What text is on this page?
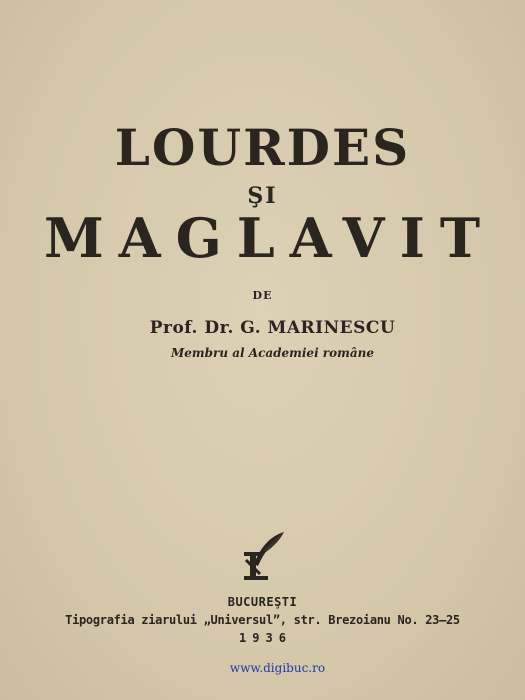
LOURDES
ŞI
MAGLAVIT
DE
Prof. Dr. G. MARINESCU
Membru al Academiei române
BUCUREŞTI
Tipografia ziarului „Universul”, str. Brezoianu No. 23—25
1936
www.digibuc.ro
